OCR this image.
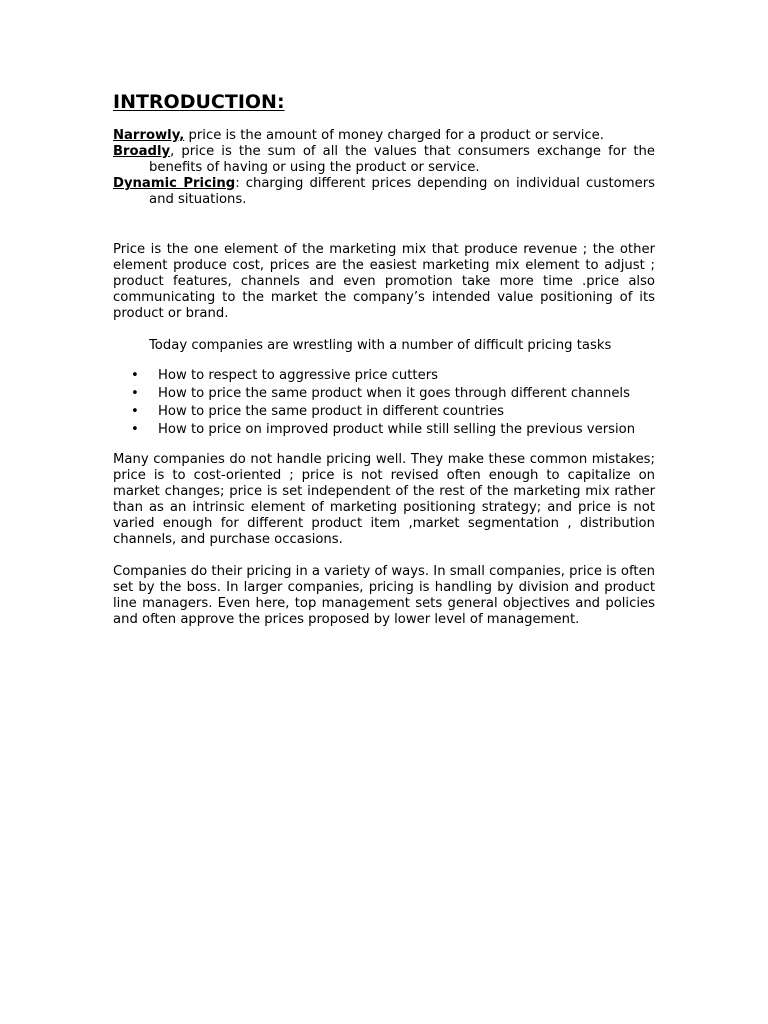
INTRODUCTION:

Narrowly, price is the amount of money charged for a product or service.

Broadly, price is the sum of all the values that consumers exchange for the benefits of having or using the product or service.

Dynamic Pricing: charging different prices depending on individual customers and situations.

Price is the one element of the marketing mix that produce revenue ; the other element produce cost, prices are the easiest marketing mix element to adjust ; product features, channels and even promotion take more time .price also communicating to the market the company’s intended value positioning of its product or brand.

Today companies are wrestling with a number of difficult pricing tasks

• How to respect to aggressive price cutters
• How to price the same product when it goes through different channels
• How to price the same product in different countries
• How to price on improved product while still selling the previous version

Many companies do not handle pricing well. They make these common mistakes; price is to cost-oriented ; price is not revised often enough to capitalize on market changes; price is set independent of the rest of the marketing mix rather than as an intrinsic element of marketing positioning strategy; and price is not varied enough for different product item ,market segmentation , distribution channels, and purchase occasions.

Companies do their pricing in a variety of ways. In small companies, price is often set by the boss. In larger companies, pricing is handling by division and product line managers. Even here, top management sets general objectives and policies and often approve the prices proposed by lower level of management.
